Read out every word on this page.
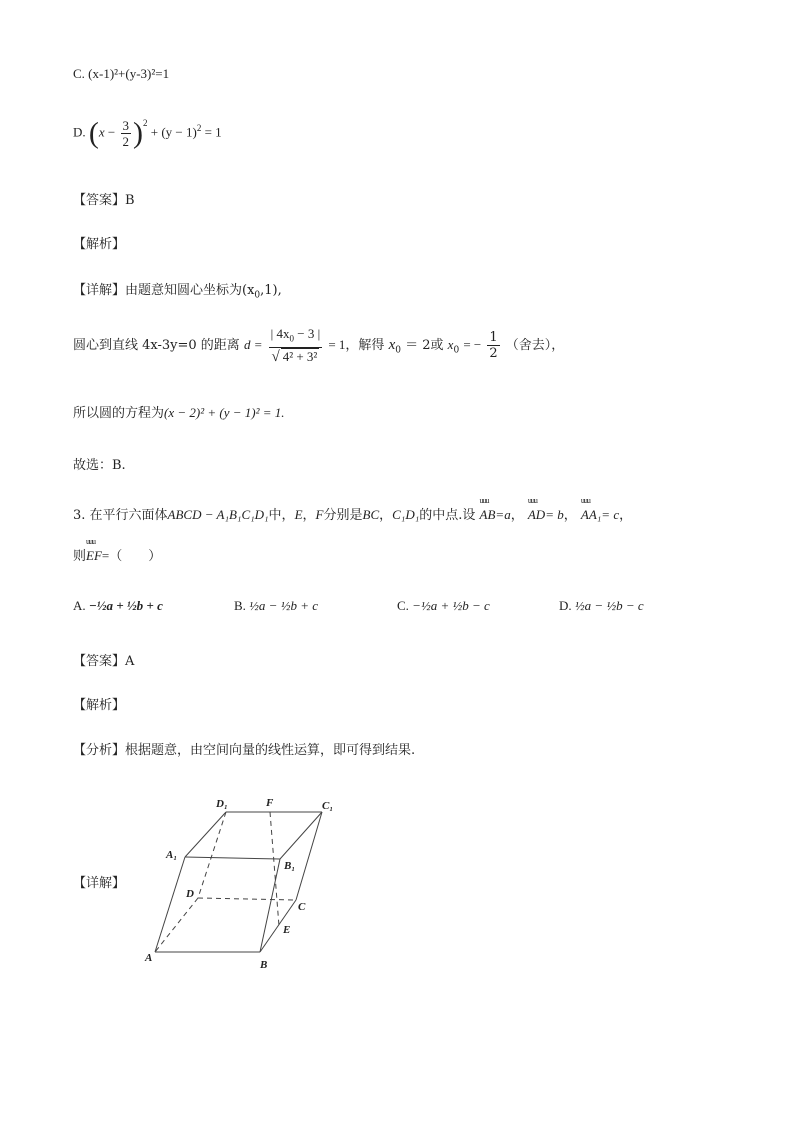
C. (x-1)²+(y-3)²=1
D. $(x - \frac{3}{2} )^2 + (y - 1)^2 = 1$
【答案】B
【解析】
【详解】由题意知圆心坐标为$(x_0,1)$,
圆心到直线 4x-3y=0 的距离 $d = \frac{| 4x_0 - 3 |}{\text{√ 4² + 3²}} = 1$，解得 $x_0 = 2$或 $x_0$ = − $\frac{1}{2}$ （舍去），
所以圆的方程为(x − 2)² + (y − 1)² = 1.
故选：B.
3. 在平行六面体ABCD − A₁B₁C₁D₁中，E，F分别是BC，C₁D₁的中点.设 uuu AB=a， uuu AD= b， uuu AA₁= c，
则uuu EF=（　　）
A. −½a + ½b + c	B. ½a − ½b + c	C. −½a + ½b − c	D. ½a − ½b − c
【答案】A
【解析】
【分析】根据题意，由空间向量的线性运算，即可得到结果.
【详解】
D₁	F	C₁
A₁
B₁
D
C
E
A
B
